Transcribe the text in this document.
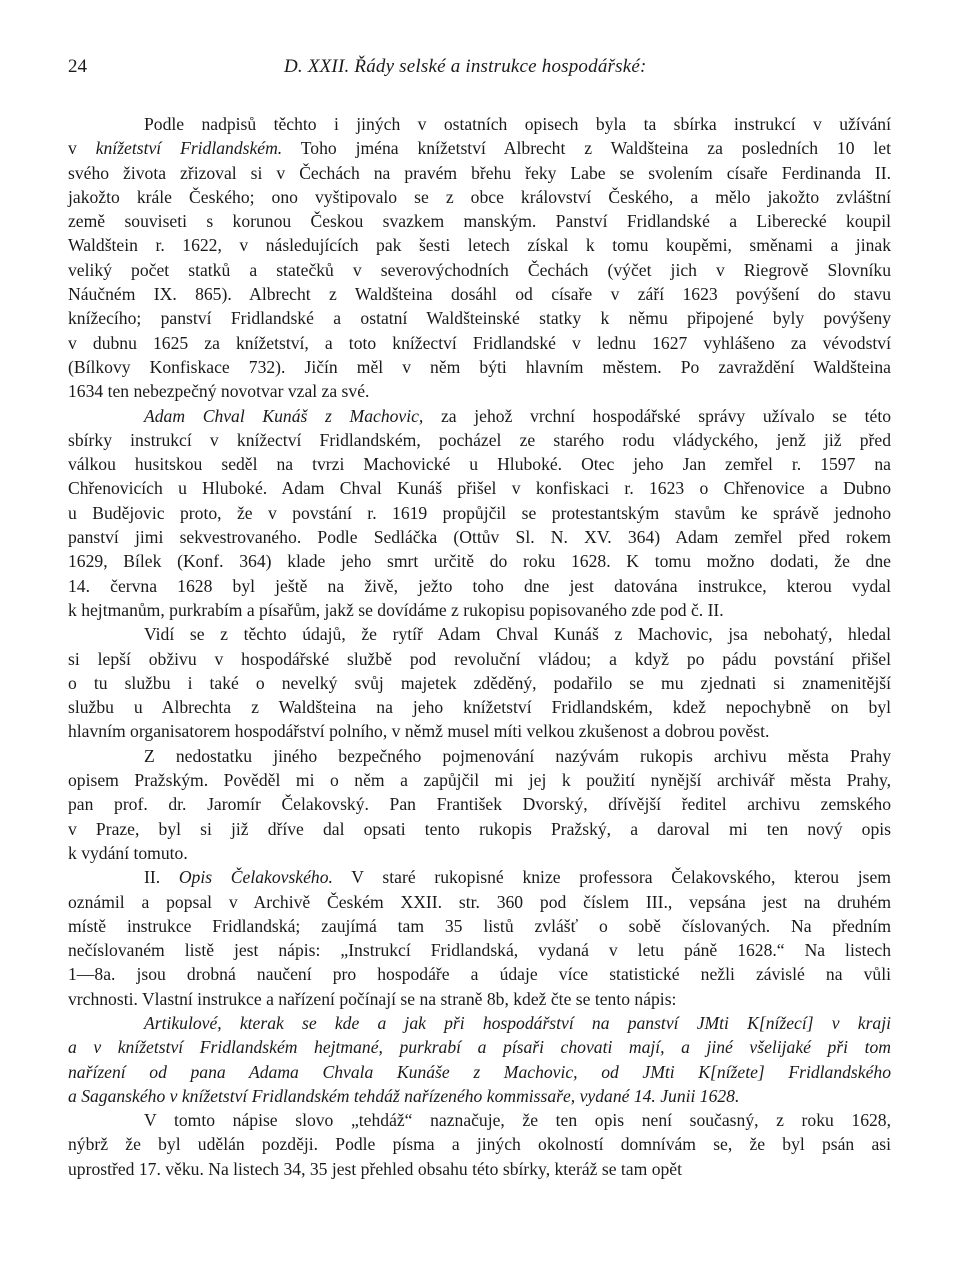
24	D. XXII. Řády selské a instrukce hospodářské:
Podle nadpisů těchto i jiných v ostatních opisech byla ta sbírka instrukcí v užívání
v knížetství Fridlandském. Toho jména knížetství Albrecht z Waldšteina za posledních 10 let
svého života zřizoval si v Čechách na pravém břehu řeky Labe se svolením císaře Ferdinanda II.
jakožto krále Českého; ono vyštipovalo se z obce království Českého, a mělo jakožto zvláštní
země souviseti s korunou Českou svazkem manským. Panství Fridlandské a Liberecké koupil
Waldštein r. 1622, v následujících pak šesti letech získal k tomu koupěmi, směnami a jinak
veliký počet statků a statečků v severovýchodních Čechách (výčet jich v Riegrově Slovníku
Náučném IX. 865). Albrecht z Waldšteina dosáhl od císaře v září 1623 povýšení do stavu
knížecího; panství Fridlandské a ostatní Waldšteinské statky k němu připojené byly povýšeny
v dubnu 1625 za knížetství, a toto knížectví Fridlandské v lednu 1627 vyhlášeno za vévodství
(Bílkovy Konfiskace 732). Jičín měl v něm býti hlavním městem. Po zavraždění Waldšteina
1634 ten nebezpečný novotvar vzal za své.
Adam Chval Kunáš z Machovic, za jehož vrchní hospodářské správy užívalo se této
sbírky instrukcí v knížectví Fridlandském, pocházel ze starého rodu vládyckého, jenž již před
válkou husitskou seděl na tvrzi Machovické u Hluboké. Otec jeho Jan zemřel r. 1597 na
Chřenovicích u Hluboké. Adam Chval Kunáš přišel v konfiskaci r. 1623 o Chřenovice a Dubno
u Budějovic proto, že v povstání r. 1619 propůjčil se protestantským stavům ke správě jednoho
panství jimi sekvestrovaného. Podle Sedláčka (Ottův Sl. N. XV. 364) Adam zemřel před rokem
1629, Bílek (Konf. 364) klade jeho smrt určitě do roku 1628. K tomu možno dodati, že dne
14. června 1628 byl ještě na živě, ježto toho dne jest datována instrukce, kterou vydal
k hejtmanům, purkrabím a písařům, jakž se dovídáme z rukopisu popisovaného zde pod č. II.
Vidí se z těchto údajů, že rytíř Adam Chval Kunáš z Machovic, jsa nebohatý, hledal
si lepší obživu v hospodářské službě pod revoluční vládou; a když po pádu povstání přišel
o tu službu i také o nevelký svůj majetek zděděný, podařilo se mu zjednati si znamenitější
službu u Albrechta z Waldšteina na jeho knížetství Fridlandském, kdež nepochybně on byl
hlavním organisatorem hospodářství polního, v němž musel míti velkou zkušenost a dobrou pověst.
Z nedostatku jiného bezpečného pojmenování nazývám rukopis archivu města Prahy
opisem Pražským. Pověděl mi o něm a zapůjčil mi jej k použití nynější archivář města Prahy,
pan prof. dr. Jaromír Čelakovský. Pan František Dvorský, dřívější ředitel archivu zemského
v Praze, byl si již dříve dal opsati tento rukopis Pražský, a daroval mi ten nový opis
k vydání tomuto.
II. Opis Čelakovského. V staré rukopisné knize professora Čelakovského, kterou jsem
oznámil a popsal v Archivě Českém XXII. str. 360 pod číslem III., vepsána jest na druhém
místě instrukce Fridlandská; zaujímá tam 35 listů zvlášť o sobě číslovaných. Na předním
nečíslovaném listě jest nápis: „Instrukcí Fridlandská, vydaná v letu páně 1628.“ Na listech
1—8a. jsou drobná naučení pro hospodáře a údaje více statistické nežli závislé na vůli
vrchnosti. Vlastní instrukce a nařízení počínají se na straně 8b, kdež čte se tento nápis:
Artikulové, kterak se kde a jak při hospodářství na panství JMti K[nížecí] v kraji
a v knížetství Fridlandském hejtmané, purkrabí a písaři chovati mají, a jiné všelijaké při tom
nařízení od pana Adama Chvala Kunáše z Machovic, od JMti K[nížete] Fridlandského
a Saganského v knížetství Fridlandském tehdáž nařízeného kommissaře, vydané 14. Junii 1628.
V tomto nápise slovo „tehdáž“ naznačuje, že ten opis není současný, z roku 1628,
nýbrž že byl udělán později. Podle písma a jiných okolností domnívám se, že byl psán asi
uprostřed 17. věku. Na listech 34, 35 jest přehled obsahu této sbírky, kteráž se tam opět
